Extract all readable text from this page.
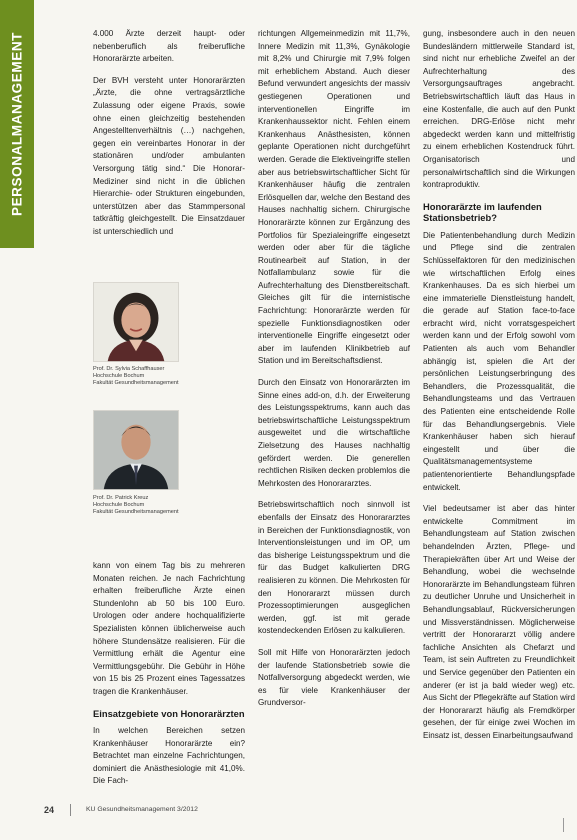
PERSONALMANAGEMENT	4.000 Ärzte derzeit haupt- oder nebenberuflich als freiberufliche Honorarärzte arbeiten.

Der BVH versteht unter Honorarärzten „Ärzte, die ohne vertragsärztliche Zulassung oder eigene Praxis, sowie ohne einen gleichzeitig bestehenden Angestelltenverhältnis (…) nachgehen, gegen ein vereinbartes Honorar in der stationären und/oder ambulanten Versorgung tätig sind.“ Die Honorar-Mediziner sind nicht in die üblichen Hierarchie- oder Strukturen eingebunden, unterstützen aber das Stammpersonal tatkräftig gleichgestellt. Die Einsatzdauer ist unterschiedlich und

Prof. Dr. Sylvia Schaffhauser
Hochschule Bochum
Fakultät Gesundheitsmanagement
Prof. Dr. Patrick Kreuz
Hochschule Bochum
Fakultät Gesundheitsmanagement

kann von einem Tag bis zu mehreren Monaten reichen. Je nach Fachrichtung erhalten freiberufliche Ärzte einen Stundenlohn ab 50 bis 100 Euro. Urologen oder andere hochqualifizierte Spezialisten können üblicherweise auch höhere Stundensätze realisieren. Für die Vermittlung erhält die Agentur eine Vermittlungsgebühr. Die Gebühr in Höhe von 15 bis 25 Prozent eines Tagessatzes tragen die Krankenhäuser.

Einsatzgebiete von Honorarärzten

In welchen Bereichen setzen Krankenhäuser Honorarärzte ein? Betrachtet man einzelne Fachrichtungen, dominiert die Anästhesiologie mit 41,0%. Die Fach-

richtungen Allgemeinmedizin mit 11,7%, Innere Medizin mit 11,3%, Gynäkologie mit 8,2% und Chirurgie mit 7,9% folgen mit erheblichem Abstand. Auch dieser Befund verwundert angesichts der massiv gestiegenen Operationen und interventionellen Eingriffe im Krankenhaussektor nicht. Fehlen einem Krankenhaus Anästhesisten, können geplante Operationen nicht durchgeführt werden. Gerade die Elektiveingriffe stellen aber aus betriebswirtschaftlicher Sicht für Krankenhäuser häufig die zentralen Erlösquellen dar, welche den Bestand des Hauses nachhaltig sichern. Chirurgische Honorarärzte können zur Ergänzung des Portfolios für Spezialeingriffe eingesetzt werden oder aber für die tägliche Routinearbeit auf Station, in der Notfallambulanz sowie für die Aufrechterhaltung des Dienstbereitschaft. Gleiches gilt für die internistische Fachrichtung: Honorarärzte werden für spezielle Funktionsdiagnostiken oder interventionelle Eingriffe eingesetzt oder aber im laufenden Klinikbetrieb auf Station und im Bereitschaftsdienst.

Durch den Einsatz von Honorarärzten im Sinne eines add-on, d.h. der Erweiterung des Leistungsspektrums, kann auch das betriebswirtschaftliche Leistungsspektrum ausgeweitet und die wirtschaftliche Zielsetzung des Hauses nachhaltig gefördert werden. Die generellen rechtlichen Risiken decken problemlos die Mehrkosten des Honorararztes.

Betriebswirtschaftlich noch sinnvoll ist ebenfalls der Einsatz des Honorararztes in Bereichen der Funktionsdiagnostik, von Interventionsleistungen und im OP, um das bisherige Leistungsspektrum und die für das Budget kalkulierten DRG realisieren zu können. Die Mehrkosten für den Honorararzt müssen durch Prozessoptimierungen ausgeglichen werden, ggf. ist mit gerade kostendeckenden Erlösen zu kalkulieren.

Soll mit Hilfe von Honorarärzten jedoch der laufende Stationsbetrieb sowie die Notfallversorgung abgedeckt werden, wie es für viele Krankenhäuser der Grundversor-

gung, insbesondere auch in den neuen Bundesländern mittlerweile Standard ist, sind nicht nur erhebliche Zweifel an der Aufrechterhaltung des Versorgungsauftrages angebracht. Betriebswirtschaftlich läuft das Haus in eine Kostenfalle, die auch auf den Punkt erreichen. DRG-Erlöse nicht mehr abgedeckt werden kann und mittelfristig zu einem erheblichen Kostendruck führt. Organisatorisch und personalwirtschaftlich sind die Wirkungen kontraproduktiv.

Honorarärzte im laufenden Stationsbetrieb?

Die Patientenbehandlung durch Medizin und Pflege sind die zentralen Schlüsselfaktoren für den medizinischen wie wirtschaftlichen Erfolg eines Krankenhauses. Da es sich hierbei um eine immaterielle Dienstleistung handelt, die gerade auf Station face-to-face erbracht wird, nicht vorratsgespeichert werden kann und der Erfolg sowohl vom Patienten als auch vom Behandler abhängig ist, spielen die Art der persönlichen Leistungserbringung des Behandlers, die Prozessqualität, die Behandlungsteams und das Vertrauen des Patienten eine entscheidende Rolle für das Behandlungsergebnis. Viele Krankenhäuser haben sich hierauf eingestellt und über die Qualitätsmanagementsysteme patientenorientierte Behandlungspfade entwickelt.

Viel bedeutsamer ist aber das hinter entwickelte Commitment im Behandlungsteam auf Station zwischen behandelnden Ärzten, Pflege- und Therapiekräften über Art und Weise der Behandlung, wobei die wechselnde Honorarärzte im Behandlungsteam führen zu deutlicher Unruhe und Unsicherheit in Behandlungsablauf, Rückversicherungen und Missverständnissen. Möglicherweise vertritt der Honorararzt völlig andere fachliche Ansichten als Chefarzt und Team, ist sein Auftreten zu Freundlichkeit und Service gegenüber den Patienten ein anderer (er ist ja bald wieder weg) etc. Aus Sicht der Pflegekräfte auf Station wird der Honorararzt häufig als Fremdkörper gesehen, der für einige zwei Wochen im Einsatz ist, dessen Einarbeitungsaufwand

24	KU Gesundheitsmanagement 3/2012
